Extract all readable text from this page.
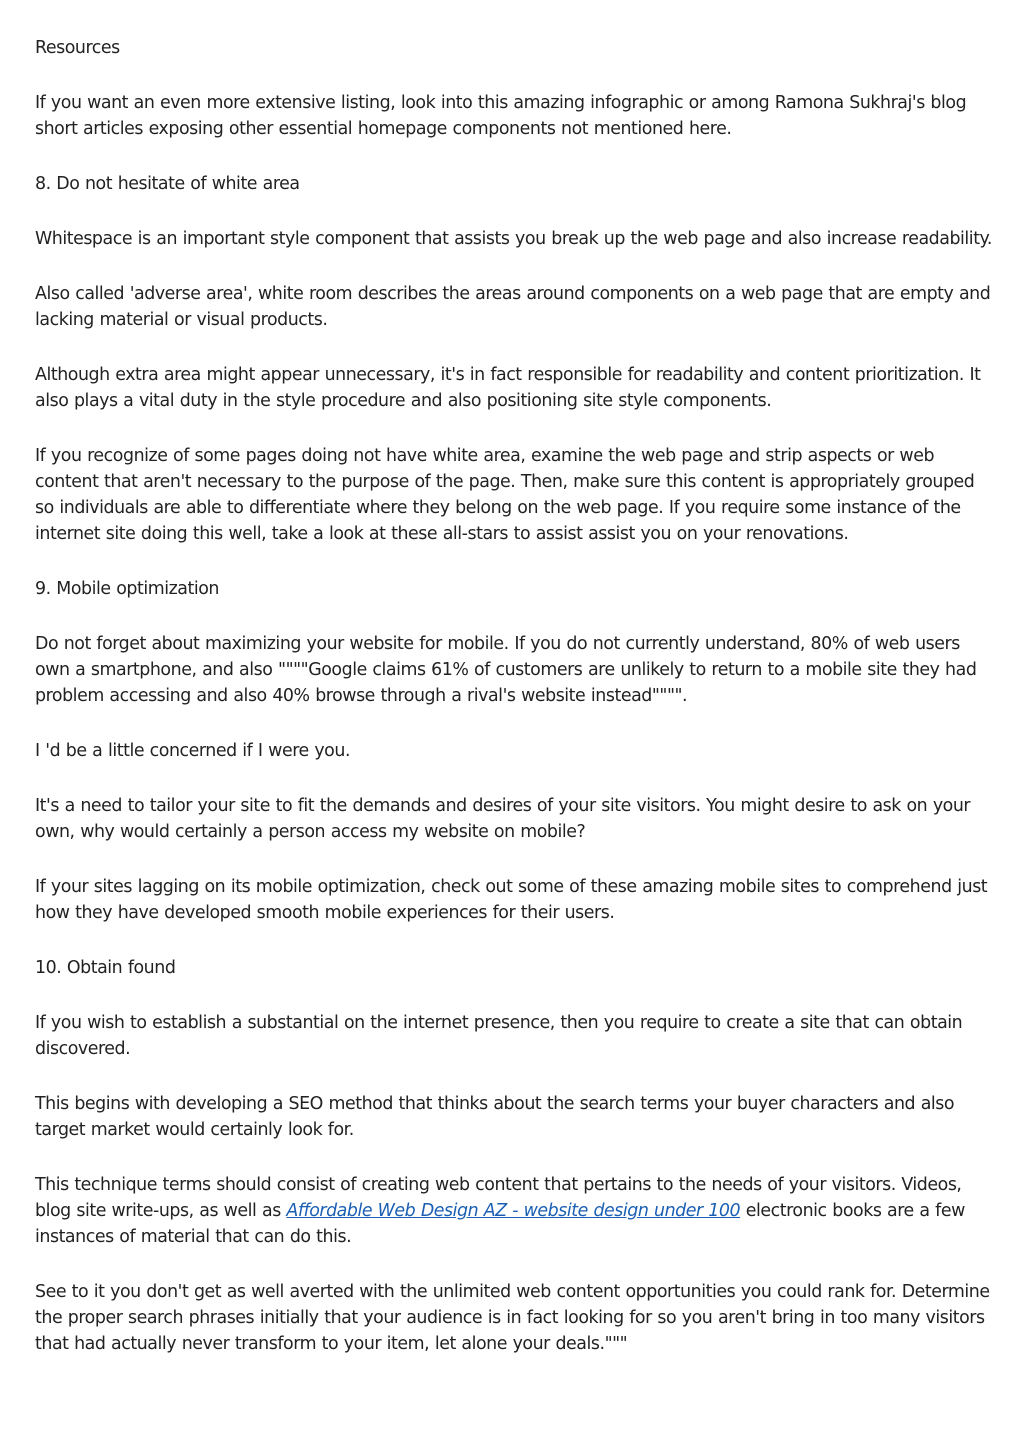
Resources

If you want an even more extensive listing, look into this amazing infographic or among Ramona Sukhraj's blog short articles exposing other essential homepage components not mentioned here.

8. Do not hesitate of white area

Whitespace is an important style component that assists you break up the web page and also increase readability.

Also called 'adverse area', white room describes the areas around components on a web page that are empty and lacking material or visual products.

Although extra area might appear unnecessary, it's in fact responsible for readability and content prioritization. It also plays a vital duty in the style procedure and also positioning site style components.

If you recognize of some pages doing not have white area, examine the web page and strip aspects or web content that aren't necessary to the purpose of the page. Then, make sure this content is appropriately grouped so individuals are able to differentiate where they belong on the web page. If you require some instance of the internet site doing this well, take a look at these all-stars to assist assist you on your renovations.

9. Mobile optimization

Do not forget about maximizing your website for mobile. If you do not currently understand, 80% of web users own a smartphone, and also """"Google claims 61% of customers are unlikely to return to a mobile site they had problem accessing and also 40% browse through a rival's website instead"""".

I 'd be a little concerned if I were you.

It's a need to tailor your site to fit the demands and desires of your site visitors. You might desire to ask on your own, why would certainly a person access my website on mobile?

If your sites lagging on its mobile optimization, check out some of these amazing mobile sites to comprehend just how they have developed smooth mobile experiences for their users.

10. Obtain found

If you wish to establish a substantial on the internet presence, then you require to create a site that can obtain discovered.

This begins with developing a SEO method that thinks about the search terms your buyer characters and also target market would certainly look for.

This technique terms should consist of creating web content that pertains to the needs of your visitors. Videos, blog site write-ups, as well as Affordable Web Design AZ - website design under 100 electronic books are a few instances of material that can do this.

See to it you don't get as well averted with the unlimited web content opportunities you could rank for. Determine the proper search phrases initially that your audience is in fact looking for so you aren't bring in too many visitors that had actually never transform to your item, let alone your deals."""
